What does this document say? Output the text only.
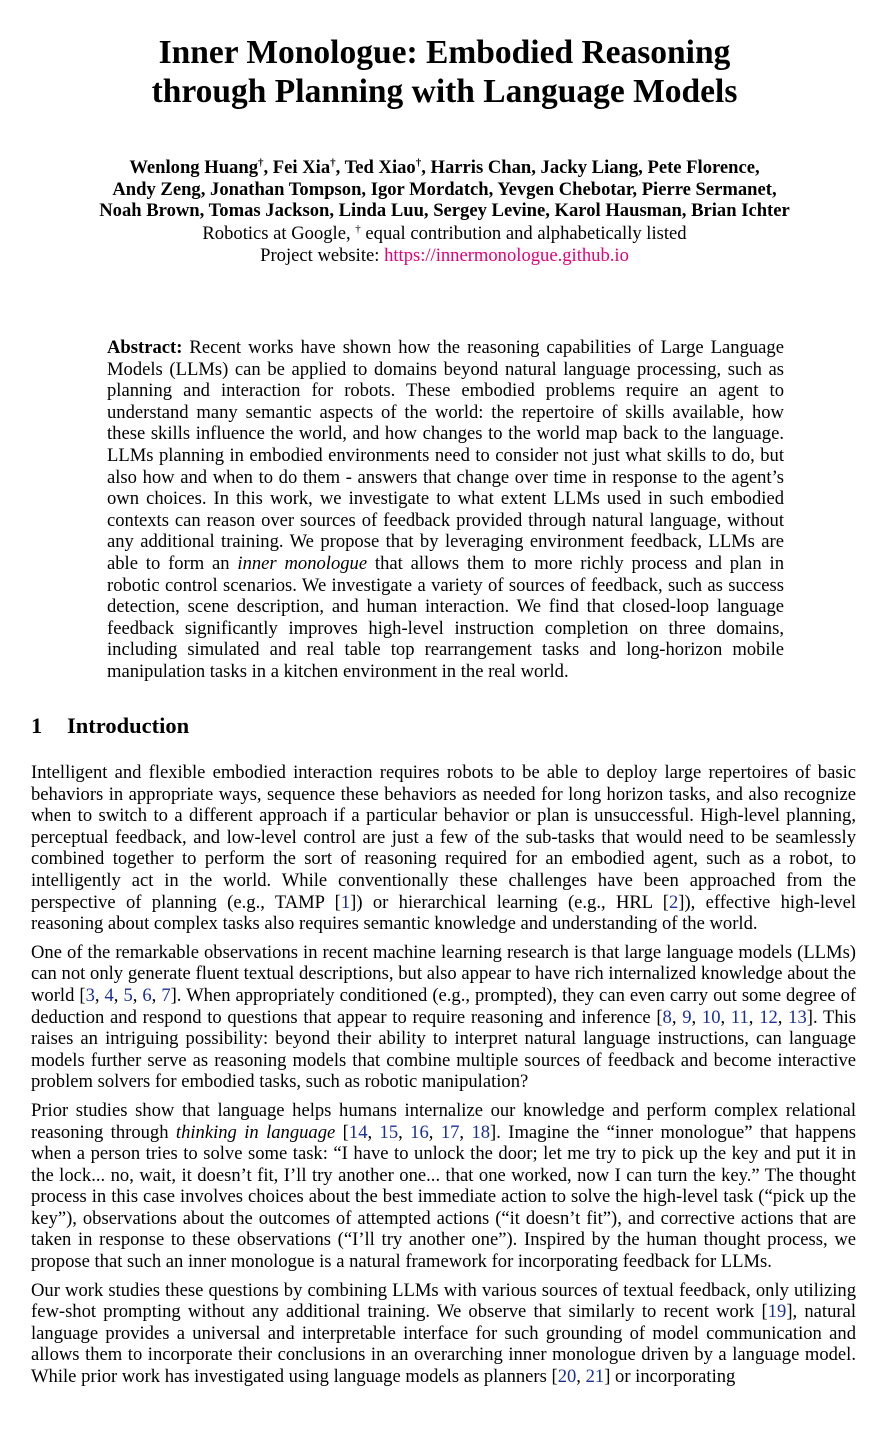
Inner Monologue: Embodied Reasoning
through Planning with Language Models
Wenlong Huang†, Fei Xia†, Ted Xiao†, Harris Chan, Jacky Liang, Pete Florence,
Andy Zeng, Jonathan Tompson, Igor Mordatch, Yevgen Chebotar, Pierre Sermanet,
Noah Brown, Tomas Jackson, Linda Luu, Sergey Levine, Karol Hausman, Brian Ichter
Robotics at Google, † equal contribution and alphabetically listed
Project website: https://innermonologue.github.io

Abstract: Recent works have shown how the reasoning capabilities of Large Language Models (LLMs) can be applied to domains beyond natural language processing, such as planning and interaction for robots. These embodied problems require an agent to understand many semantic aspects of the world: the repertoire of skills available, how these skills influence the world, and how changes to the world map back to the language. LLMs planning in embodied environments need to consider not just what skills to do, but also how and when to do them - answers that change over time in response to the agent’s own choices. In this work, we investigate to what extent LLMs used in such embodied contexts can reason over sources of feedback provided through natural language, without any additional training. We propose that by leveraging environment feedback, LLMs are able to form an inner monologue that allows them to more richly process and plan in robotic control scenarios. We investigate a variety of sources of feedback, such as success detection, scene description, and human interaction. We find that closed-loop language feedback significantly improves high-level instruction completion on three domains, including simulated and real table top rearrangement tasks and long-horizon mobile manipulation tasks in a kitchen environment in the real world.

1 Introduction

Intelligent and flexible embodied interaction requires robots to be able to deploy large repertoires of basic behaviors in appropriate ways, sequence these behaviors as needed for long horizon tasks, and also recognize when to switch to a different approach if a particular behavior or plan is unsuccessful. High-level planning, perceptual feedback, and low-level control are just a few of the sub-tasks that would need to be seamlessly combined together to perform the sort of reasoning required for an embodied agent, such as a robot, to intelligently act in the world. While conventionally these challenges have been approached from the perspective of planning (e.g., TAMP [1]) or hierarchical learning (e.g., HRL [2]), effective high-level reasoning about complex tasks also requires semantic knowledge and understanding of the world.

One of the remarkable observations in recent machine learning research is that large language models (LLMs) can not only generate fluent textual descriptions, but also appear to have rich internalized knowledge about the world [3, 4, 5, 6, 7]. When appropriately conditioned (e.g., prompted), they can even carry out some degree of deduction and respond to questions that appear to require reasoning and inference [8, 9, 10, 11, 12, 13]. This raises an intriguing possibility: beyond their ability to interpret natural language instructions, can language models further serve as reasoning models that combine multiple sources of feedback and become interactive problem solvers for embodied tasks, such as robotic manipulation?

Prior studies show that language helps humans internalize our knowledge and perform complex relational reasoning through thinking in language [14, 15, 16, 17, 18]. Imagine the “inner monologue” that happens when a person tries to solve some task: “I have to unlock the door; let me try to pick up the key and put it in the lock... no, wait, it doesn’t fit, I’ll try another one... that one worked, now I can turn the key.” The thought process in this case involves choices about the best immediate action to solve the high-level task (“pick up the key”), observations about the outcomes of attempted actions (“it doesn’t fit”), and corrective actions that are taken in response to these observations (“I’ll try another one”). Inspired by the human thought process, we propose that such an inner monologue is a natural framework for incorporating feedback for LLMs.

Our work studies these questions by combining LLMs with various sources of textual feedback, only utilizing few-shot prompting without any additional training. We observe that similarly to recent work [19], natural language provides a universal and interpretable interface for such grounding of model communication and allows them to incorporate their conclusions in an overarching inner monologue driven by a language model. While prior work has investigated using language models as planners [20, 21] or incorporating
